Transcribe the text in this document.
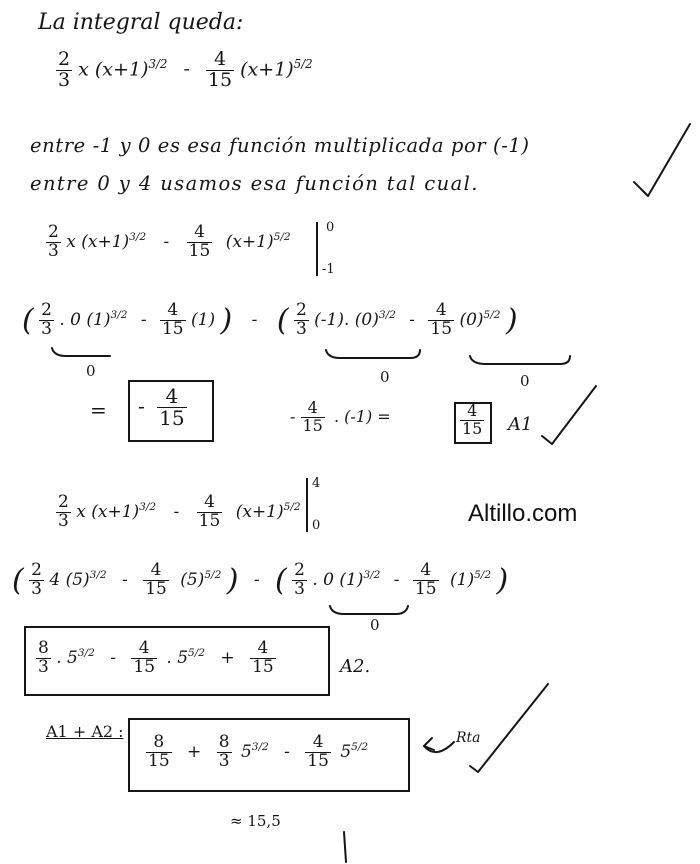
La integral queda:
$\frac{2}{3}$ x $(x+1)^{3/2} - \frac{4}{15} (x+1)^{5/2}$
entre -1 y 0 es esa función multiplicada por (-1)
entre 0 y 4 usamos esa función tal cual.
$\frac{2}{3}$ x $(x+1)^{3/2} - \frac{4}{15} (x+1)^{5/2}$
0
-1
( $\frac{2}{3}$ . 0 $(1)^{3/2} - \frac{4}{15} (1)$ ) - ( $\frac{2}{3} (-1)$. $(0)^{3/2} - \frac{4}{15} (0)^{5/2}$ )
0	0	0
= - $\frac{4}{15}$	- $\frac{4}{15}$ . (-1) =	$\frac{4}{15} A1$
$\frac{2}{3}$ x $(x+1)^{3/2} - \frac{4}{15} (x+1)^{5/2}$
4
0	Altillo.com
( $\frac{2}{3} 4$ $(5)^{3/2} - \frac{4}{15} (5)^{5/2}$ ) - ( $\frac{2}{3}$ . 0 $(1)^{3/2} - \frac{4}{15} (1)^{5/2}$ )
0
$\frac{8}{3}$ . $5^{3/2} - \frac{4}{15}$ . $5^{5/2} + \frac{4}{15}$	A2.
A1 + A2 :
$\frac{8}{15} + \frac{8}{3} 5^{3/2} - \frac{4}{15} 5^{5/2}$
Rta
≈ 15,5
